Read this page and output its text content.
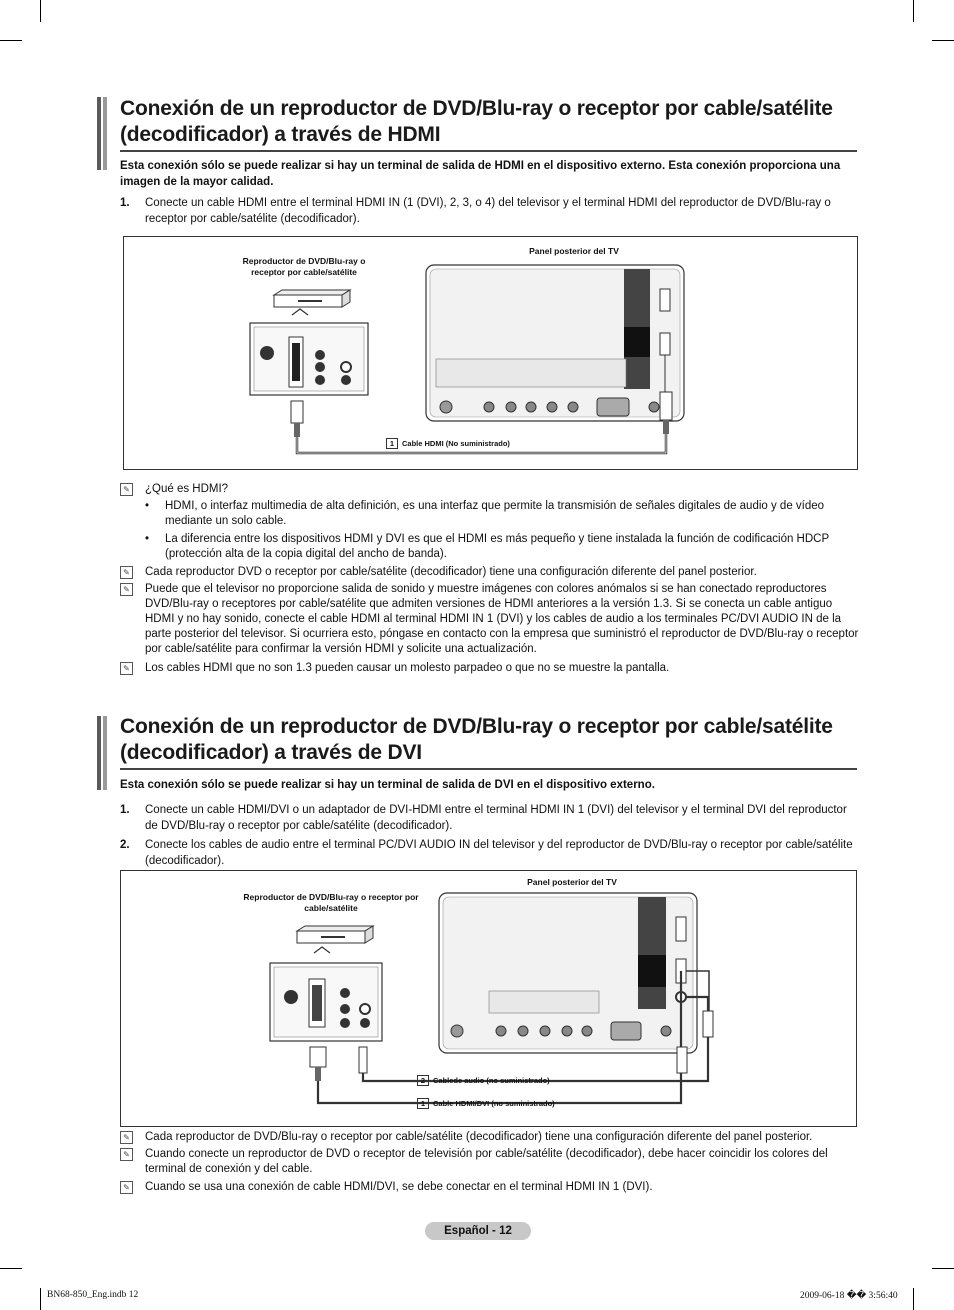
Conexión de un reproductor de DVD/Blu-ray o receptor por cable/satélite (decodificador) a través de HDMI
Esta conexión sólo se puede realizar si hay un terminal de salida de HDMI en el dispositivo externo. Esta conexión proporciona una imagen de la mayor calidad.
1. Conecte un cable HDMI entre el terminal HDMI IN (1 (DVI), 2, 3, o 4) del televisor y el terminal HDMI del reproductor de DVD/Blu-ray o receptor por cable/satélite (decodificador).
Panel posterior del TV
Reproductor de DVD/Blu-ray o receptor por cable/satélite
1 Cable HDMI (No suministrado)
✎ ¿Qué es HDMI?
• HDMI, o interfaz multimedia de alta definición, es una interfaz que permite la transmisión de señales digitales de audio y de vídeo mediante un solo cable.
• La diferencia entre los dispositivos HDMI y DVI es que el HDMI es más pequeño y tiene instalada la función de codificación HDCP (protección alta de la copia digital del ancho de banda).
✎ Cada reproductor DVD o receptor por cable/satélite (decodificador) tiene una configuración diferente del panel posterior.
✎ Puede que el televisor no proporcione salida de sonido y muestre imágenes con colores anómalos si se han conectado reproductores DVD/Blu-ray o receptores por cable/satélite que admiten versiones de HDMI anteriores a la versión 1.3. Si se conecta un cable antiguo HDMI y no hay sonido, conecte el cable HDMI al terminal HDMI IN 1 (DVI) y los cables de audio a los terminales PC/DVI AUDIO IN de la parte posterior del televisor. Si ocurriera esto, póngase en contacto con la empresa que suministró el reproductor de DVD/Blu-ray o receptor por cable/satélite para confirmar la versión HDMI y solicite una actualización.
✎ Los cables HDMI que no son 1.3 pueden causar un molesto parpadeo o que no se muestre la pantalla.
Conexión de un reproductor de DVD/Blu-ray o receptor por cable/satélite (decodificador) a través de DVI
Esta conexión sólo se puede realizar si hay un terminal de salida de DVI en el dispositivo externo.
1. Conecte un cable HDMI/DVI o un adaptador de DVI-HDMI entre el terminal HDMI IN 1 (DVI) del televisor y el terminal DVI del reproductor de DVD/Blu-ray o receptor por cable/satélite (decodificador).
2. Conecte los cables de audio entre el terminal PC/DVI AUDIO IN del televisor y del reproductor de DVD/Blu-ray o receptor por cable/satélite (decodificador).
Panel posterior del TV
Reproductor de DVD/Blu-ray o receptor por cable/satélite
2 Cablede audio (no suministrado)
1 Cable HDMI/DVI (no suministrado)
✎ Cada reproductor de DVD/Blu-ray o receptor por cable/satélite (decodificador) tiene una configuración diferente del panel posterior.
✎ Cuando conecte un reproductor de DVD o receptor de televisión por cable/satélite (decodificador), debe hacer coincidir los colores del terminal de conexión y del cable.
✎ Cuando se usa una conexión de cable HDMI/DVI, se debe conectar en el terminal HDMI IN 1 (DVI).
Español - 12
BN68-850_Eng.indb 12	2009-06-18 �� 3:56:40
